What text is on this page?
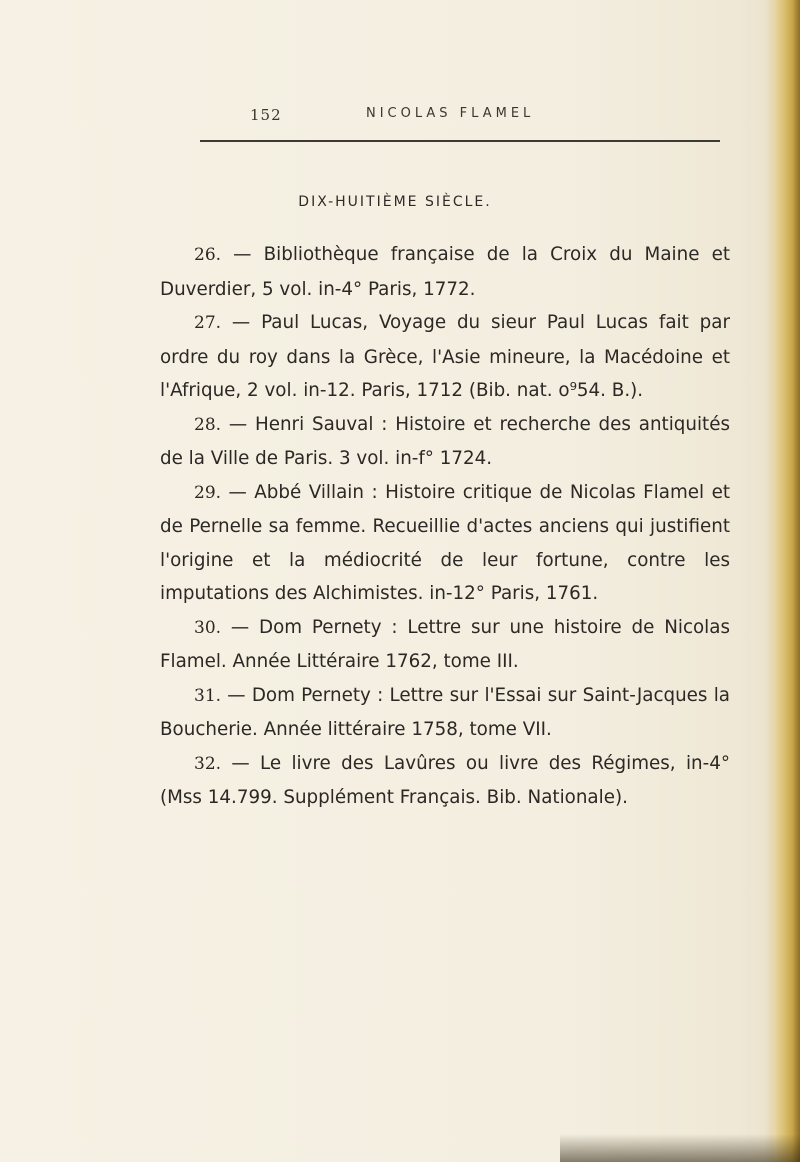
152	NICOLAS FLAMEL
DIX-HUITIÈME SIÈCLE.

26. — Bibliothèque française de la Croix du Maine et Duverdier, 5 vol. in-4° Paris, 1772.

27. — Paul Lucas, Voyage du sieur Paul Lucas fait par ordre du roy dans la Grèce, l'Asie mineure, la Macédoine et l'Afrique, 2 vol. in-12. Paris, 1712 (Bib. nat. o⁹54. B.).

28. — Henri Sauval : Histoire et recherche des antiquités de la Ville de Paris. 3 vol. in-f° 1724.

29. — Abbé Villain : Histoire critique de Nicolas Flamel et de Pernelle sa femme. Recueillie d'actes anciens qui justifient l'origine et la médiocrité de leur fortune, contre les imputations des Alchimistes. in-12° Paris, 1761.

30. — Dom Pernety : Lettre sur une histoire de Nicolas Flamel. Année Littéraire 1762, tome III.

31. — Dom Pernety : Lettre sur l'Essai sur Saint-Jacques la Boucherie. Année littéraire 1758, tome VII.

32. — Le livre des Lavûres ou livre des Régimes, in-4° (Mss 14.799. Supplément Français. Bib. Nationale).
